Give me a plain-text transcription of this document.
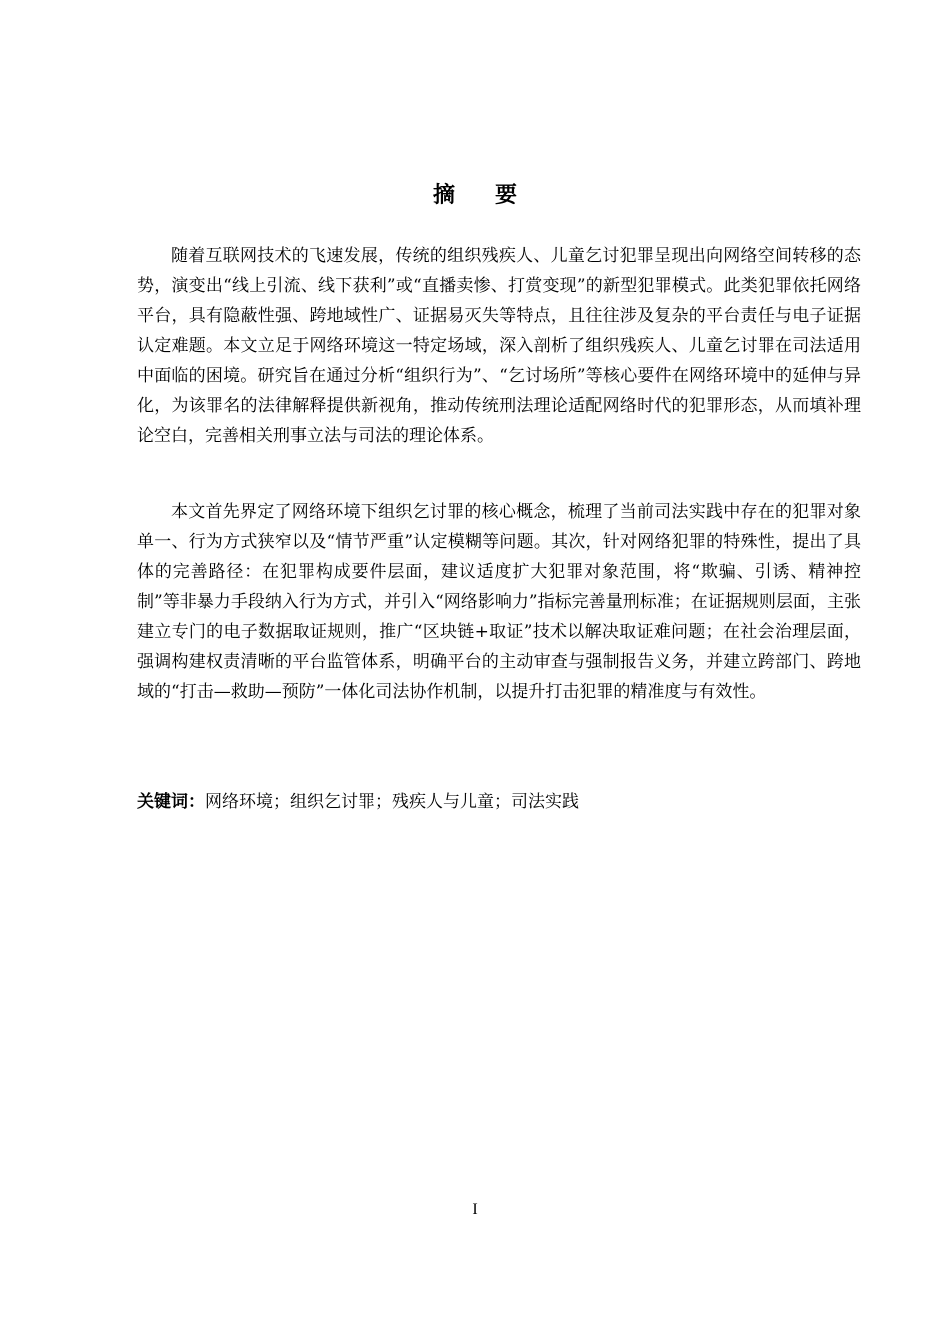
摘要

随着互联网技术的飞速发展，传统的组织残疾人、儿童乞讨犯罪呈现出向网络空间转移的态势，演变出“线上引流、线下获利”或“直播卖惨、打赏变现”的新型犯罪模式。此类犯罪依托网络平台，具有隐蔽性强、跨地域性广、证据易灭失等特点，且往往涉及复杂的平台责任与电子证据认定难题。本文立足于网络环境这一特定场域，深入剖析了组织残疾人、儿童乞讨罪在司法适用中面临的困境。研究旨在通过分析“组织行为”、“乞讨场所”等核心要件在网络环境中的延伸与异化，为该罪名的法律解释提供新视角，推动传统刑法理论适配网络时代的犯罪形态，从而填补理论空白，完善相关刑事立法与司法的理论体系。

本文首先界定了网络环境下组织乞讨罪的核心概念，梳理了当前司法实践中存在的犯罪对象单一、行为方式狭窄以及“情节严重”认定模糊等问题。其次，针对网络犯罪的特殊性，提出了具体的完善路径：在犯罪构成要件层面，建议适度扩大犯罪对象范围，将“欺骗、引诱、精神控制”等非暴力手段纳入行为方式，并引入“网络影响力”指标完善量刑标准；在证据规则层面，主张建立专门的电子数据取证规则，推广“区块链+取证”技术以解决取证难问题；在社会治理层面，强调构建权责清晰的平台监管体系，明确平台的主动审查与强制报告义务，并建立跨部门、跨地域的“打击—救助—预防”一体化司法协作机制，以提升打击犯罪的精准度与有效性。

关键词：网络环境；组织乞讨罪；残疾人与儿童；司法实践
I
